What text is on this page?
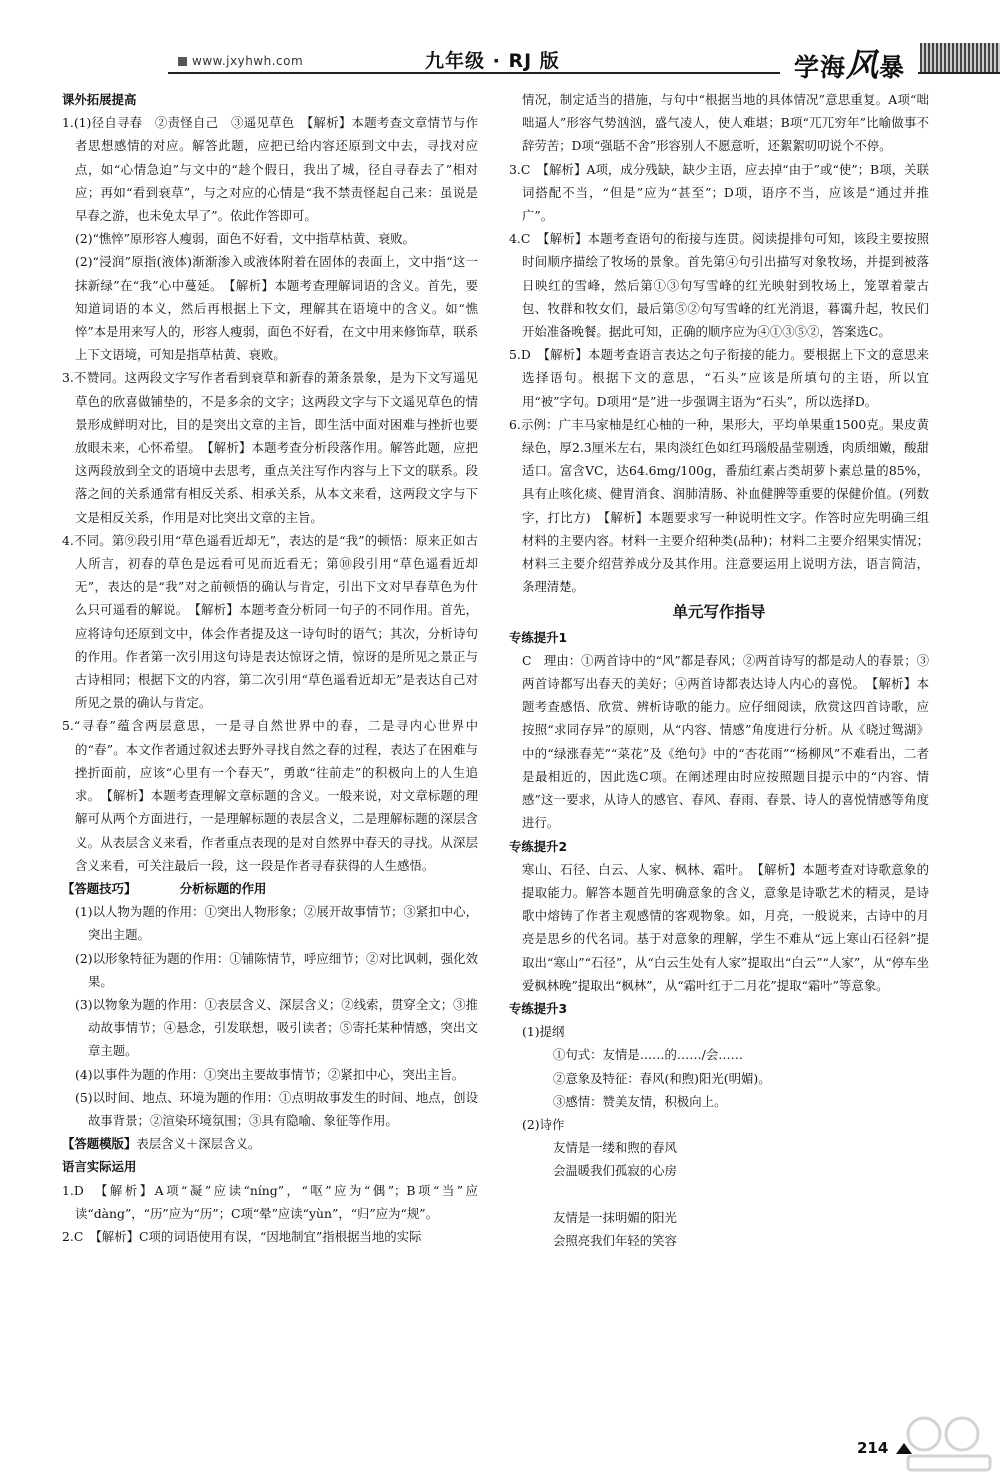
www.jxyhwh.com	九年级 · RJ 版	学海风暴

课外拓展提高

1.(1)径自寻春　②责怪自己　③遥见草色　【解析】本题考查文章情节与作者思想感情的对应。解答此题，应把已给内容还原到文中去，寻找对应点，如“心情急迫”与文中的“趁个假日，我出了城，径自寻春去了”相对应；再如“看到衰草”，与之对应的心情是“我不禁责怪起自己来：虽说是早春之游，也未免太早了”。依此作答即可。

(2)“憔悴”原形容人瘦弱，面色不好看，文中指草枯黄、衰败。

(2)“浸润”原指(液体)渐渐渗入或液体附着在固体的表面上，文中指“这一抹新绿”在“我”心中蔓延。　【解析】本题考查理解词语的含义。首先，要知道词语的本义，然后再根据上下文，理解其在语境中的含义。如“憔悴”本是用来写人的，形容人瘦弱，面色不好看，在文中用来修饰草，联系上下文语境，可知是指草枯黄、衰败。

3.不赞同。这两段文字写作者看到衰草和新春的萧条景象，是为下文写遥见草色的欣喜做铺垫的，不是多余的文字；这两段文字与下文遥见草色的情景形成鲜明对比，目的是突出文章的主旨，即生活中面对困难与挫折也要放眼未来，心怀希望。　【解析】本题考查分析段落作用。解答此题，应把这两段放到全文的语境中去思考，重点关注写作内容与上下文的联系。段落之间的关系通常有相反关系、相承关系，从本文来看，这两段文字与下文是相反关系，作用是对比突出文章的主旨。

4.不同。第⑨段引用“草色遥看近却无”，表达的是“我”的顿悟：原来正如古人所言，初春的草色是远看可见而近看无；第⑩段引用“草色遥看近却无”，表达的是“我”对之前顿悟的确认与肯定，引出下文对早春草色为什么只可遥看的解说。　【解析】本题考查分析同一句子的不同作用。首先，应将诗句还原到文中，体会作者提及这一诗句时的语气；其次，分析诗句的作用。作者第一次引用这句诗是表达惊讶之情，惊讶的是所见之景正与古诗相同；根据下文的内容，第二次引用“草色遥看近却无”是表达自己对所见之景的确认与肯定。

5.“寻春”蕴含两层意思，一是寻自然世界中的春，二是寻内心世界中的“春”。本文作者通过叙述去野外寻找自然之春的过程，表达了在困难与挫折面前，应该“心里有一个春天”，勇敢“往前走”的积极向上的人生追求。　【解析】本题考查理解文章标题的含义。一般来说，对文章标题的理解可从两个方面进行，一是理解标题的表层含义，二是理解标题的深层含义。从表层含义来看，作者重点表现的是对自然界中春天的寻找。从深层含义来看，可关注最后一段，这一段是作者寻春获得的人生感悟。

【答题技巧】　　　　	分析标题的作用

(1)以人物为题的作用：①突出人物形象；②展开故事情节；③紧扣中心，突出主题。

(2)以形象特征为题的作用：①铺陈情节，呼应细节；②对比讽刺，强化效果。

(3)以物象为题的作用：①表层含义、深层含义；②线索，贯穿全文；③推动故事情节；④悬念，引发联想，吸引读者；⑤寄托某种情感，突出文章主题。

(4)以事件为题的作用：①突出主要故事情节；②紧扣中心，突出主旨。

(5)以时间、地点、环境为题的作用：①点明故事发生的时间、地点，创设故事背景；②渲染环境氛围；③具有隐喻、象征等作用。

【答题模版】表层含义＋深层含义。

语言实际运用

1.D　【解析】A项“凝”应读“níng”，“呕”应为“偶”；B项“当”应读“dàng”，“历”应为“历”；C项“晕”应读“yùn”，“归”应为“规”。

2.C　【解析】C项的词语使用有误，“因地制宜”指根据当地的实际

情况，制定适当的措施，与句中“根据当地的具体情况”意思重复。A项“咄咄逼人”形容气势汹汹，盛气凌人，使人难堪；B项“兀兀穷年”比喻做事不辞劳苦；D项“强聒不舍”形容别人不愿意听，还絮絮叨叨说个不停。

3.C　【解析】A项，成分残缺，缺少主语，应去掉“由于”或“使”；B项，关联词搭配不当，“但是”应为“甚至”；D项，语序不当，应该是“通过并推广”。

4.C　【解析】本题考查语句的衔接与连贯。阅读提排句可知，该段主要按照时间顺序描绘了牧场的景象。首先第④句引出描写对象牧场，并提到被落日映红的雪峰，然后第①③句写雪峰的红光映射到牧场上，笼罩着蒙古包、牧群和牧女们，最后第⑤②句写雪峰的红光消退，暮霭升起，牧民们开始准备晚餐。据此可知，正确的顺序应为④①③⑤②，答案选C。

5.D　【解析】本题考查语言表达之句子衔接的能力。要根据上下文的意思来选择语句。根据下文的意思，“石头”应该是所填句的主语，所以宜用“被”字句。D项用“是”进一步强调主语为“石头”，所以选择D。

6.示例：广丰马家柚是红心柚的一种，果形大，平均单果重1500克。果皮黄绿色，厚2.3厘米左右，果肉淡红色如红玛瑙般晶莹剔透，肉质细嫩，酸甜适口。富含VC，达64.6mg/100g，番茄红素占类胡萝卜素总量的85%，具有止咳化痰、健胃消食、润肺清肠、补血健脾等重要的保健价值。(列数字，打比方)　【解析】本题要求写一种说明性文字。作答时应先明确三组材料的主要内容。材料一主要介绍种类(品种)；材料二主要介绍果实情况；材料三主要介绍营养成分及其作用。注意要运用上说明方法，语言简洁，条理清楚。

单元写作指导

专练提升1

C　理由：①两首诗中的“风”都是春风；②两首诗写的都是动人的春景；③两首诗都写出春天的美好；④两首诗都表达诗人内心的喜悦。　【解析】本题考查感悟、欣赏、辨析诗歌的能力。应仔细阅读，欣赏这四首诗歌，应按照“求同存异”的原则，从“内容、情感”角度进行分析。从《晓过鸳湖》中的“绿涨春芜”“菜花”及《绝句》中的“杏花雨”“杨柳风”不难看出，二者是最相近的，因此选C项。在阐述理由时应按照题目提示中的“内容、情感”这一要求，从诗人的感官、春风、春雨、春景、诗人的喜悦情感等角度进行。

专练提升2

寒山、石径、白云、人家、枫林、霜叶。　【解析】本题考查对诗歌意象的提取能力。解答本题首先明确意象的含义，意象是诗歌艺术的精灵，是诗歌中熔铸了作者主观感情的客观物象。如，月亮，一般说来，古诗中的月亮是思乡的代名词。基于对意象的理解，学生不难从“远上寒山石径斜”提取出“寒山”“石径”，从“白云生处有人家”提取出“白云”“人家”，从“停车坐爱枫林晚”提取出“枫林”，从“霜叶红于二月花”提取“霜叶”等意象。

专练提升3

(1)提纲

①句式：友情是……的……/会……

②意象及特征：春风(和煦)阳光(明媚)。

③感情：赞美友情，积极向上。

(2)诗作

友情是一缕和煦的春风

会温暖我们孤寂的心房

友情是一抹明媚的阳光

会照亮我们年轻的笑容

214
